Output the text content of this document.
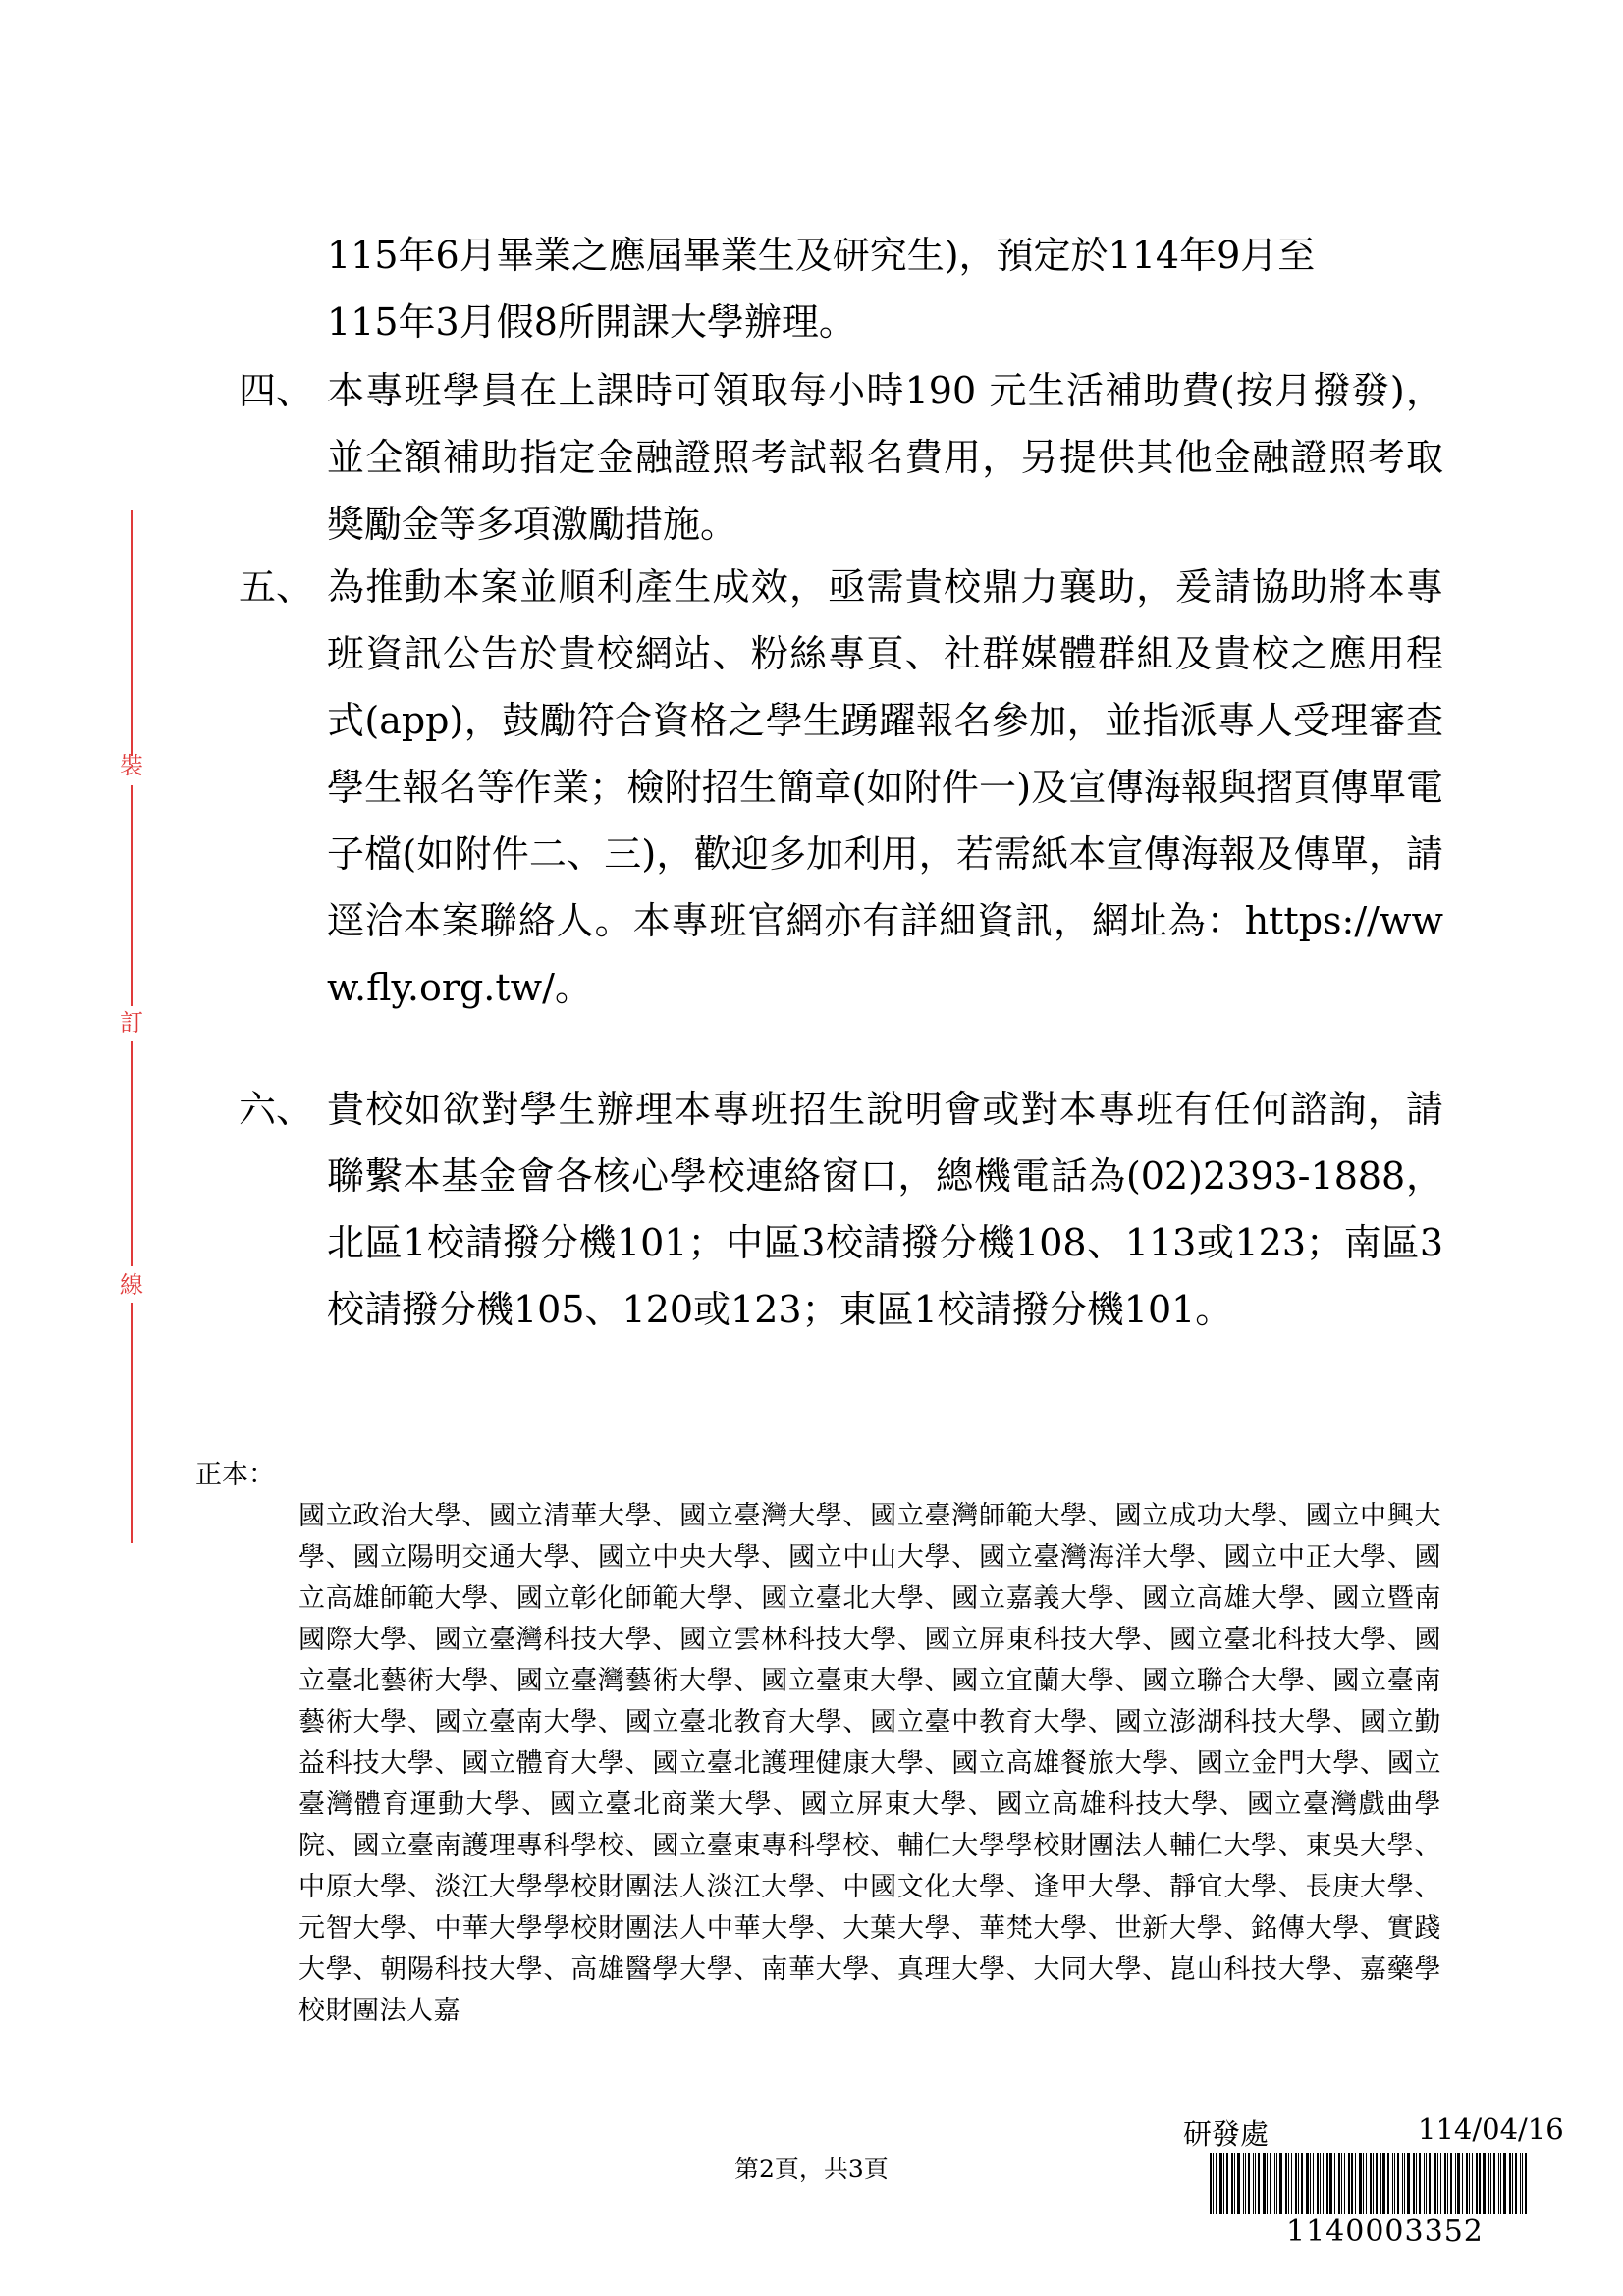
裝
訂
線
115年6月畢業之應屆畢業生及研究生)，預定於114年9月至
115年3月假8所開課大學辦理。
四、 本專班學員在上課時可領取每小時190 元生活補助費(按月撥發)，並全額補助指定金融證照考試報名費用，另提供其他金融證照考取獎勵金等多項激勵措施。
五、 為推動本案並順利產生成效，亟需貴校鼎力襄助，爰請協助將本專班資訊公告於貴校網站、粉絲專頁、社群媒體群組及貴校之應用程式(app)，鼓勵符合資格之學生踴躍報名參加，並指派專人受理審查學生報名等作業；檢附招生簡章(如附件一)及宣傳海報與摺頁傳單電子檔(如附件二、三)，歡迎多加利用，若需紙本宣傳海報及傳單，請逕洽本案聯絡人。本專班官網亦有詳細資訊，網址為：https://www.fly.org.tw/。
六、 貴校如欲對學生辦理本專班招生說明會或對本專班有任何諮詢，請聯繫本基金會各核心學校連絡窗口，總機電話為(02)2393-1888，北區1校請撥分機101；中區3校請撥分機108、113或123；南區3校請撥分機105、120或123；東區1校請撥分機101。
正本：
國立政治大學、國立清華大學、國立臺灣大學、國立臺灣師範大學、國立成功大學、國立中興大學、國立陽明交通大學、國立中央大學、國立中山大學、國立臺灣海洋大學、國立中正大學、國立高雄師範大學、國立彰化師範大學、國立臺北大學、國立嘉義大學、國立高雄大學、國立暨南國際大學、國立臺灣科技大學、國立雲林科技大學、國立屏東科技大學、國立臺北科技大學、國立臺北藝術大學、國立臺灣藝術大學、國立臺東大學、國立宜蘭大學、國立聯合大學、國立臺南藝術大學、國立臺南大學、國立臺北教育大學、國立臺中教育大學、國立澎湖科技大學、國立勤益科技大學、國立體育大學、國立臺北護理健康大學、國立高雄餐旅大學、國立金門大學、國立臺灣體育運動大學、國立臺北商業大學、國立屏東大學、國立高雄科技大學、國立臺灣戲曲學院、國立臺南護理專科學校、國立臺東專科學校、輔仁大學學校財團法人輔仁大學、東吳大學、中原大學、淡江大學學校財團法人淡江大學、中國文化大學、逢甲大學、靜宜大學、長庚大學、元智大學、中華大學學校財團法人中華大學、大葉大學、華梵大學、世新大學、銘傳大學、實踐大學、朝陽科技大學、高雄醫學大學、南華大學、真理大學、大同大學、崑山科技大學、嘉藥學校財團法人嘉
研發處	114/04/16
第2頁，共3頁
1140003352
